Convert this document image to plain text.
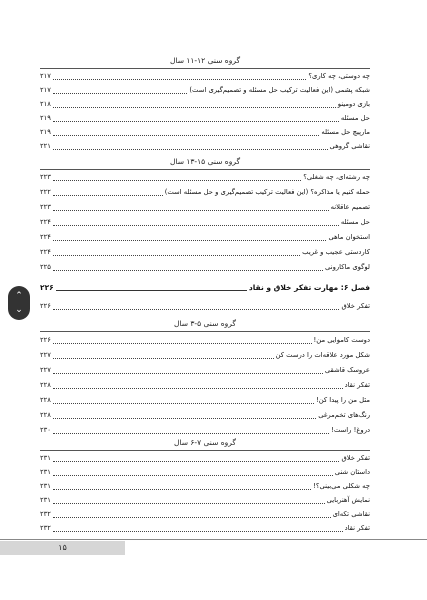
گروه سنی ۱۲-۱۱ سال
چه دوستی، چه کاری؟
۲۱۷
شبکه پشمی (این فعالیت ترکیب حل مسئله و تصمیم‌گیری است)
۲۱۷
بازی دومینو
۲۱۸
حل مسئله
۲۱۹
مارپیچ حل مسئله
۲۱۹
نقاشی گروهی
۲۲۱
گروه سنی ۱۵-۱۳ سال
چه رشته‌ای، چه شغلی؟
۲۲۳
حمله کنیم یا مذاکره؟ (این فعالیت ترکیب تصمیم‌گیری و حل مسئله است)
۲۲۲
تصمیم عاقلانه
۲۲۳
حل مسئله
۲۲۴
استخوان ماهی
۲۲۴
کاردستی عجیب و غریب
۲۲۴
لوگوی ماکارونی
۲۲۵
فصل ۶: مهارت تفکر خلاق و نقاد
۲۲۶
تفکر خلاق
۲۲۶
گروه سنی ۵-۳ سال
دوست کاموایی من!
۲۲۶
شکل مورد علاقه‌ات را درست کن
۲۲۷
عروسک قاشقی
۲۲۷
تفکر نقاد
۲۲۸
مثل من را پیدا کن!
۲۲۸
رنگ‌های تخم‌مرغی
۲۲۸
دروغ! راست!
۲۳۰
گروه سنی ۷-۶ سال
تفکر خلاق
۲۳۱
داستان شنی
۲۳۱
چه شکلی می‌بینی؟!
۲۳۱
نمایش آهنربایی
۲۳۱
نقاشی تکه‌ای
۲۳۲
تفکر نقاد
۲۳۲
⌃
⌄
۱۵
